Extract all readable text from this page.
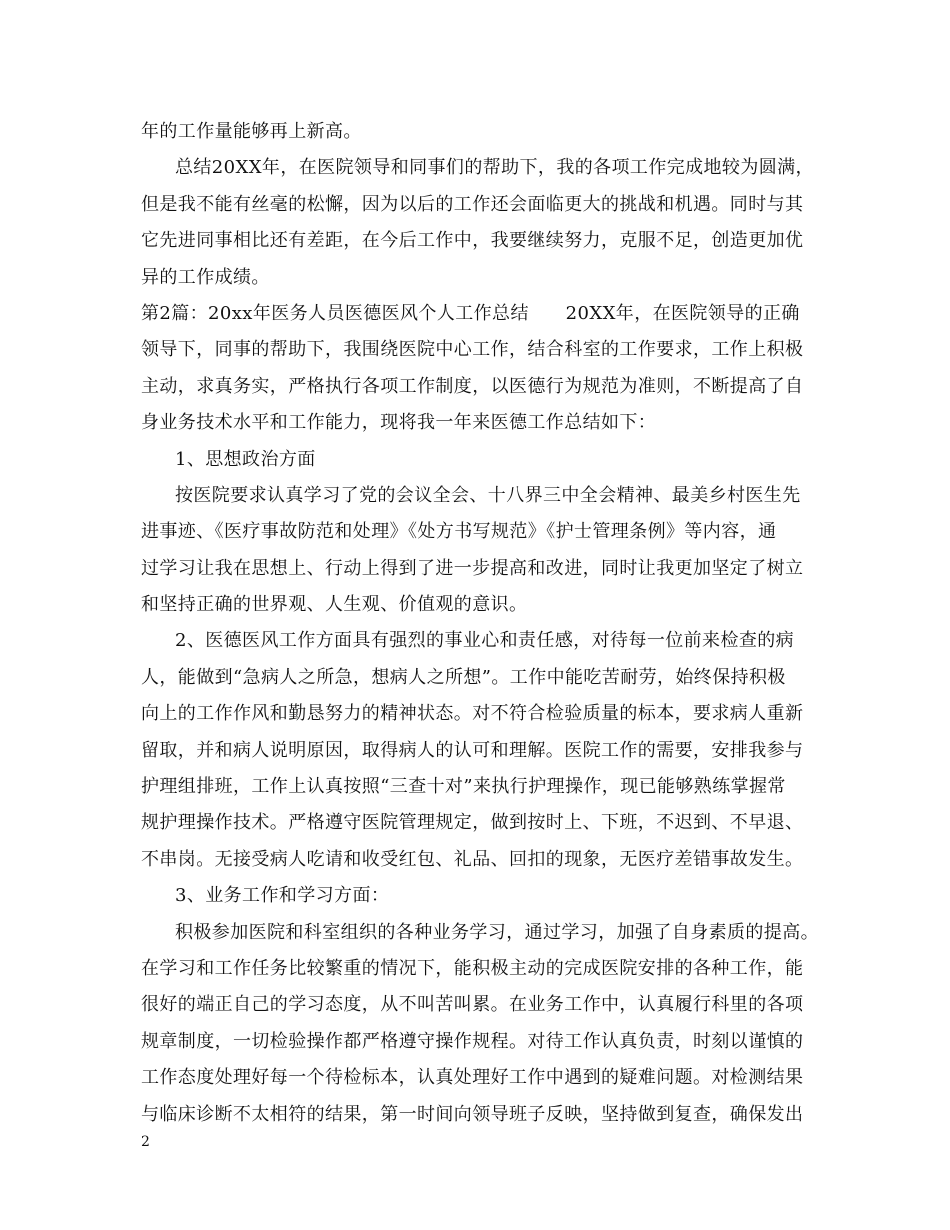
年的工作量能够再上新高。
总结20XX年，在医院领导和同事们的帮助下，我的各项工作完成地较为圆满，
但是我不能有丝毫的松懈，因为以后的工作还会面临更大的挑战和机遇。同时与其
它先进同事相比还有差距，在今后工作中，我要继续努力，克服不足，创造更加优
异的工作成绩。
第2篇：20xx年医务人员医德医风个人工作总结　　20XX年，在医院领导的正确
领导下，同事的帮助下，我围绕医院中心工作，结合科室的工作要求，工作上积极
主动，求真务实，严格执行各项工作制度，以医德行为规范为准则，不断提高了自
身业务技术水平和工作能力，现将我一年来医德工作总结如下：
1、思想政治方面
按医院要求认真学习了党的会议全会、十八界三中全会精神、最美乡村医生先
进事迹、《医疗事故防范和处理》《处方书写规范》《护士管理条例》等内容，通
过学习让我在思想上、行动上得到了进一步提高和改进，同时让我更加坚定了树立
和坚持正确的世界观、人生观、价值观的意识。
2、医德医风工作方面具有强烈的事业心和责任感，对待每一位前来检查的病
人，能做到“急病人之所急，想病人之所想”。工作中能吃苦耐劳，始终保持积极
向上的工作作风和勤恳努力的精神状态。对不符合检验质量的标本，要求病人重新
留取，并和病人说明原因，取得病人的认可和理解。医院工作的需要，安排我参与
护理组排班，工作上认真按照“三查十对”来执行护理操作，现已能够熟练掌握常
规护理操作技术。严格遵守医院管理规定，做到按时上、下班，不迟到、不早退、
不串岗。无接受病人吃请和收受红包、礼品、回扣的现象，无医疗差错事故发生。
3、业务工作和学习方面：
积极参加医院和科室组织的各种业务学习，通过学习，加强了自身素质的提高。
在学习和工作任务比较繁重的情况下，能积极主动的完成医院安排的各种工作，能
很好的端正自己的学习态度，从不叫苦叫累。在业务工作中，认真履行科里的各项
规章制度，一切检验操作都严格遵守操作规程。对待工作认真负责，时刻以谨慎的
工作态度处理好每一个待检标本，认真处理好工作中遇到的疑难问题。对检测结果
与临床诊断不太相符的结果，第一时间向领导班子反映，坚持做到复查，确保发出
2
